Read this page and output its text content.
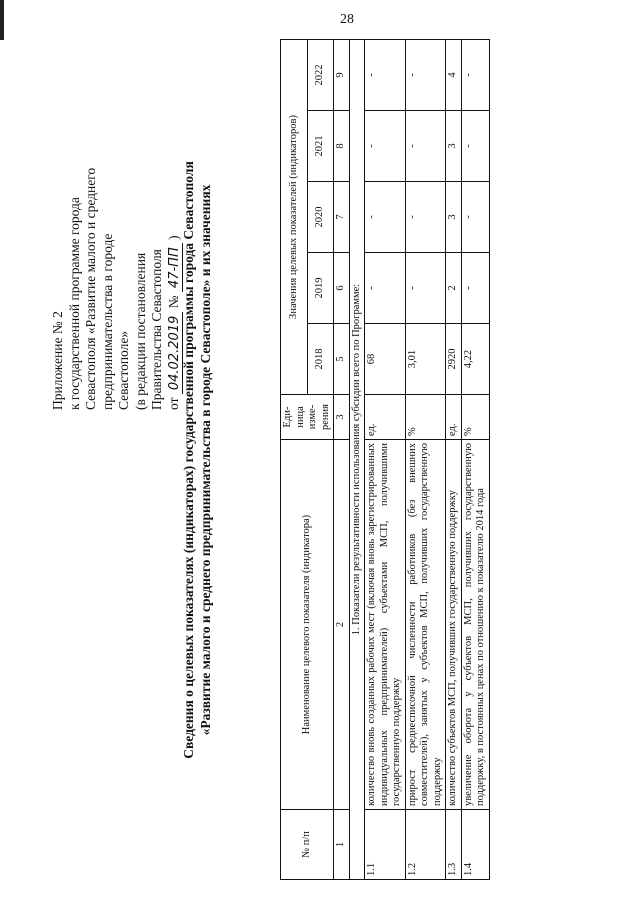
28
Приложение № 2 к государственной программе города Севастополя «Развитие малого и среднего предпринимательства в городе Севастополе» (в редакции постановления Правительства Севастополя от 04.02.2019 № 47-ПП ) Сведения о целевых показателях (индикаторах) государственной программы города Севастополя «Развитие малого и среднего предпринимательства в городе Севастополе» и их значениях
№ п/п	Наименование целевого показателя (индикатора)	Еди-ница изме-рения	Значения целевых показателей (индикаторов)				
			2018	2019	2020	2021	2022
1	2	3	5	6	7	8	9
1. Показатели результативности использования субсидии всего по Программе:							
1.1	количество вновь созданных рабочих мест (включая вновь зарегистрированных индивидуальных предпринимателей) субъектами МСП, получившими государственную поддержку	ед.	68	-	-	-	-
1.2	прирост среднесписочной численности работников (без внешних совместителей), занятых у субъектов МСП, получивших государственную поддержку	%	3,01	-	-	-	-
1.3	количество субъектов МСП, получивших государственную поддержку	ед.	2920	2	3	3	4
1.4	увеличение оборота у субъектов МСП, получивших государственную поддержку, в постоянных ценах по отношению к показателю 2014 года	%	4,22	-	-	-	-
